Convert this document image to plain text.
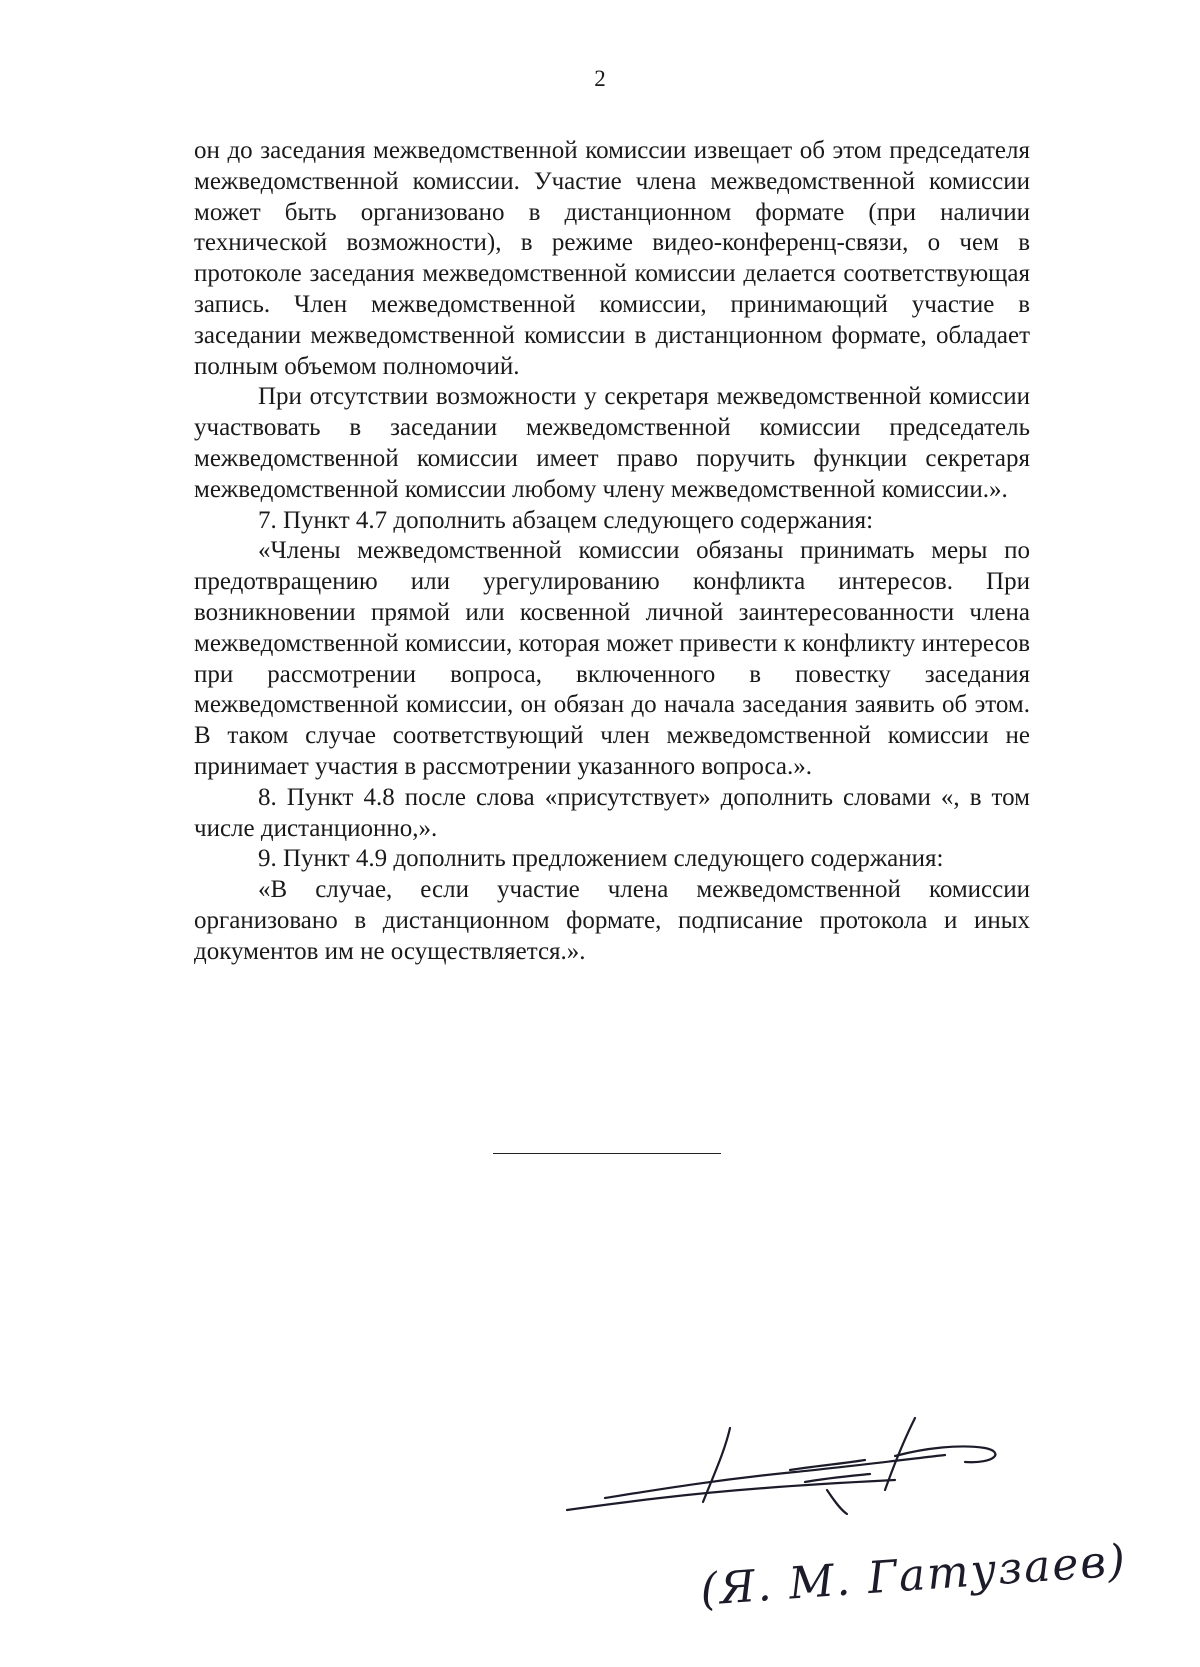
2

он до заседания межведомственной комиссии извещает об этом председателя межведомственной комиссии. Участие члена межведомственной комиссии может быть организовано в дистанционном формате (при наличии технической возможности), в режиме видео-конференц-связи, о чем в протоколе заседания межведомственной комиссии делается соответствующая запись. Член межведомственной комиссии, принимающий участие в заседании межведомственной комиссии в дистанционном формате, обладает полным объемом полномочий.

При отсутствии возможности у секретаря межведомственной комиссии участвовать в заседании межведомственной комиссии председатель межведомственной комиссии имеет право поручить функции секретаря межведомственной комиссии любому члену межведомственной комиссии.».

7. Пункт 4.7 дополнить абзацем следующего содержания:

«Члены межведомственной комиссии обязаны принимать меры по предотвращению или урегулированию конфликта интересов. При возникновении прямой или косвенной личной заинтересованности члена межведомственной комиссии, которая может привести к конфликту интересов при рассмотрении вопроса, включенного в повестку заседания межведомственной комиссии, он обязан до начала заседания заявить об этом. В таком случае соответствующий член межведомственной комиссии не принимает участия в рассмотрении указанного вопроса.».

8. Пункт 4.8 после слова «присутствует» дополнить словами «, в том числе дистанционно,».

9. Пункт 4.9 дополнить предложением следующего содержания:

«В случае, если участие члена межведомственной комиссии организовано в дистанционном формате, подписание протокола и иных документов им не осуществляется.».

(Я. М. Гатузаев)
